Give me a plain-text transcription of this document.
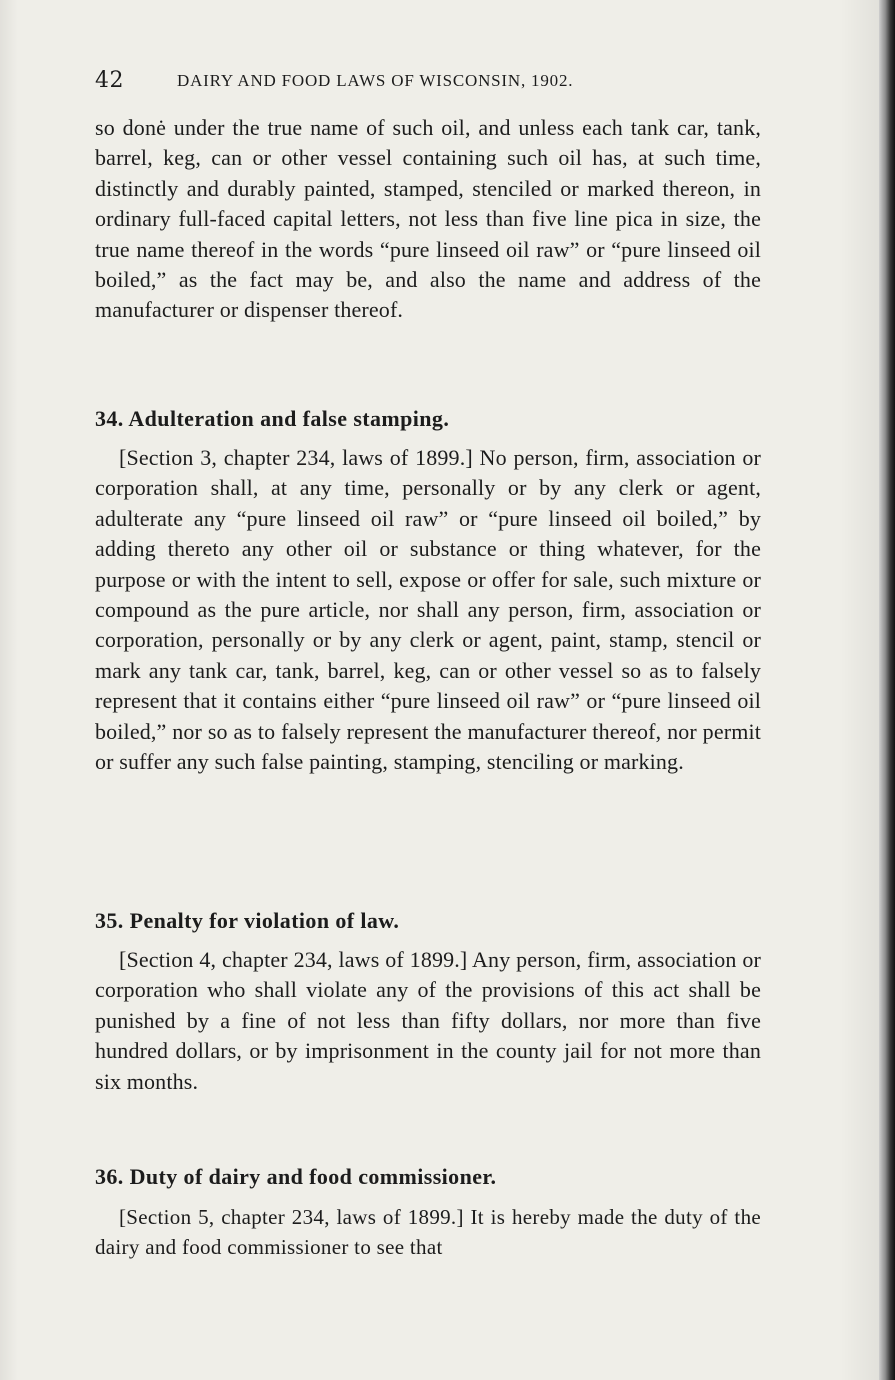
42	DAIRY AND FOOD LAWS OF WISCONSIN, 1902.

so donė under the true name of such oil, and unless each tank car, tank, barrel, keg, can or other vessel containing such oil has, at such time, distinctly and durably painted, stamped, stenciled or marked thereon, in ordinary full-faced capital letters, not less than five line pica in size, the true name thereof in the words “pure linseed oil raw” or “pure linseed oil boiled,” as the fact may be, and also the name and address of the manufacturer or dispenser thereof.

34. Adulteration and false stamping.

[Section 3, chapter 234, laws of 1899.] No person, firm, association or corporation shall, at any time, personally or by any clerk or agent, adulterate any “pure linseed oil raw” or “pure linseed oil boiled,” by adding thereto any other oil or substance or thing whatever, for the purpose or with the intent to sell, expose or offer for sale, such mixture or compound as the pure article, nor shall any person, firm, association or corporation, personally or by any clerk or agent, paint, stamp, stencil or mark any tank car, tank, barrel, keg, can or other vessel so as to falsely represent that it contains either “pure linseed oil raw” or “pure linseed oil boiled,” nor so as to falsely represent the manufacturer thereof, nor permit or suffer any such false painting, stamping, stenciling or marking.

35. Penalty for violation of law.

[Section 4, chapter 234, laws of 1899.] Any person, firm, association or corporation who shall violate any of the provisions of this act shall be punished by a fine of not less than fifty dollars, nor more than five hundred dollars, or by imprisonment in the county jail for not more than six months.

36. Duty of dairy and food commissioner.

[Section 5, chapter 234, laws of 1899.] It is hereby made the duty of the dairy and food commissioner to see that
